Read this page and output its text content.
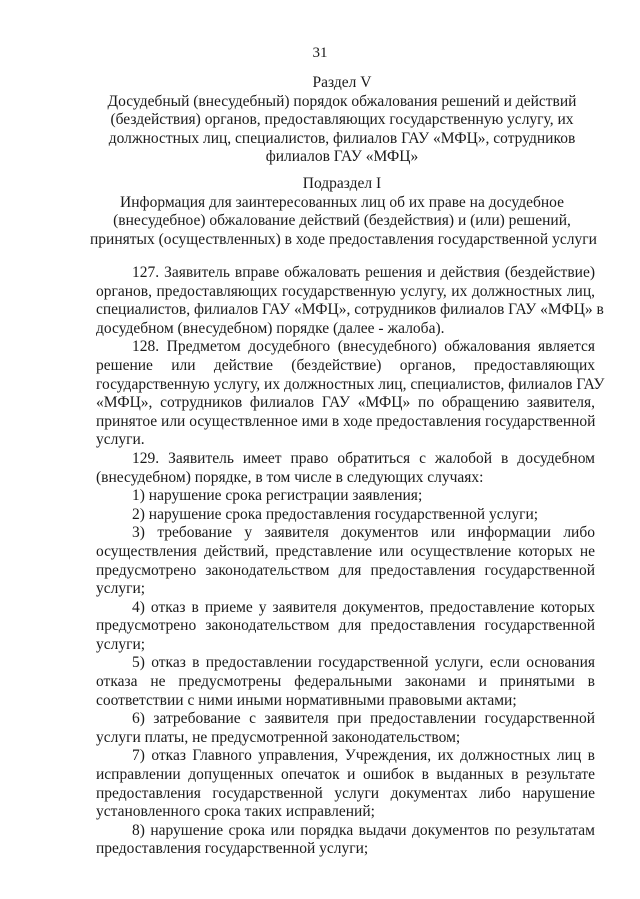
31
Раздел V
Досудебный (внесудебный) порядок обжалования решений и действий
(бездействия) органов, предоставляющих государственную услугу, их
должностных лиц, специалистов, филиалов ГАУ «МФЦ», сотрудников
филиалов ГАУ «МФЦ»
Подраздел I
Информация для заинтересованных лиц об их праве на досудебное
(внесудебное) обжалование действий (бездействия) и (или) решений,
принятых (осуществленных) в ходе предоставления государственной услуги
127. Заявитель вправе обжаловать решения и действия (бездействие)
органов, предоставляющих государственную услугу, их должностных лиц,
специалистов, филиалов ГАУ «МФЦ», сотрудников филиалов ГАУ «МФЦ» в
досудебном (внесудебном) порядке (далее - жалоба).
128. Предметом досудебного (внесудебного) обжалования является
решение или действие (бездействие) органов, предоставляющих
государственную услугу, их должностных лиц, специалистов, филиалов ГАУ
«МФЦ», сотрудников филиалов ГАУ «МФЦ» по обращению заявителя,
принятое или осуществленное ими в ходе предоставления государственной
услуги.
129. Заявитель имеет право обратиться с жалобой в досудебном
(внесудебном) порядке, в том числе в следующих случаях:
1) нарушение срока регистрации заявления;
2) нарушение срока предоставления государственной услуги;
3) требование у заявителя документов или информации либо
осуществления действий, представление или осуществление которых не
предусмотрено законодательством для предоставления государственной
услуги;
4) отказ в приеме у заявителя документов, предоставление которых
предусмотрено законодательством для предоставления государственной
услуги;
5) отказ в предоставлении государственной услуги, если основания
отказа не предусмотрены федеральными законами и принятыми в
соответствии с ними иными нормативными правовыми актами;
6) затребование с заявителя при предоставлении государственной
услуги платы, не предусмотренной законодательством;
7) отказ Главного управления, Учреждения, их должностных лиц в
исправлении допущенных опечаток и ошибок в выданных в результате
предоставления государственной услуги документах либо нарушение
установленного срока таких исправлений;
8) нарушение срока или порядка выдачи документов по результатам
предоставления государственной услуги;
